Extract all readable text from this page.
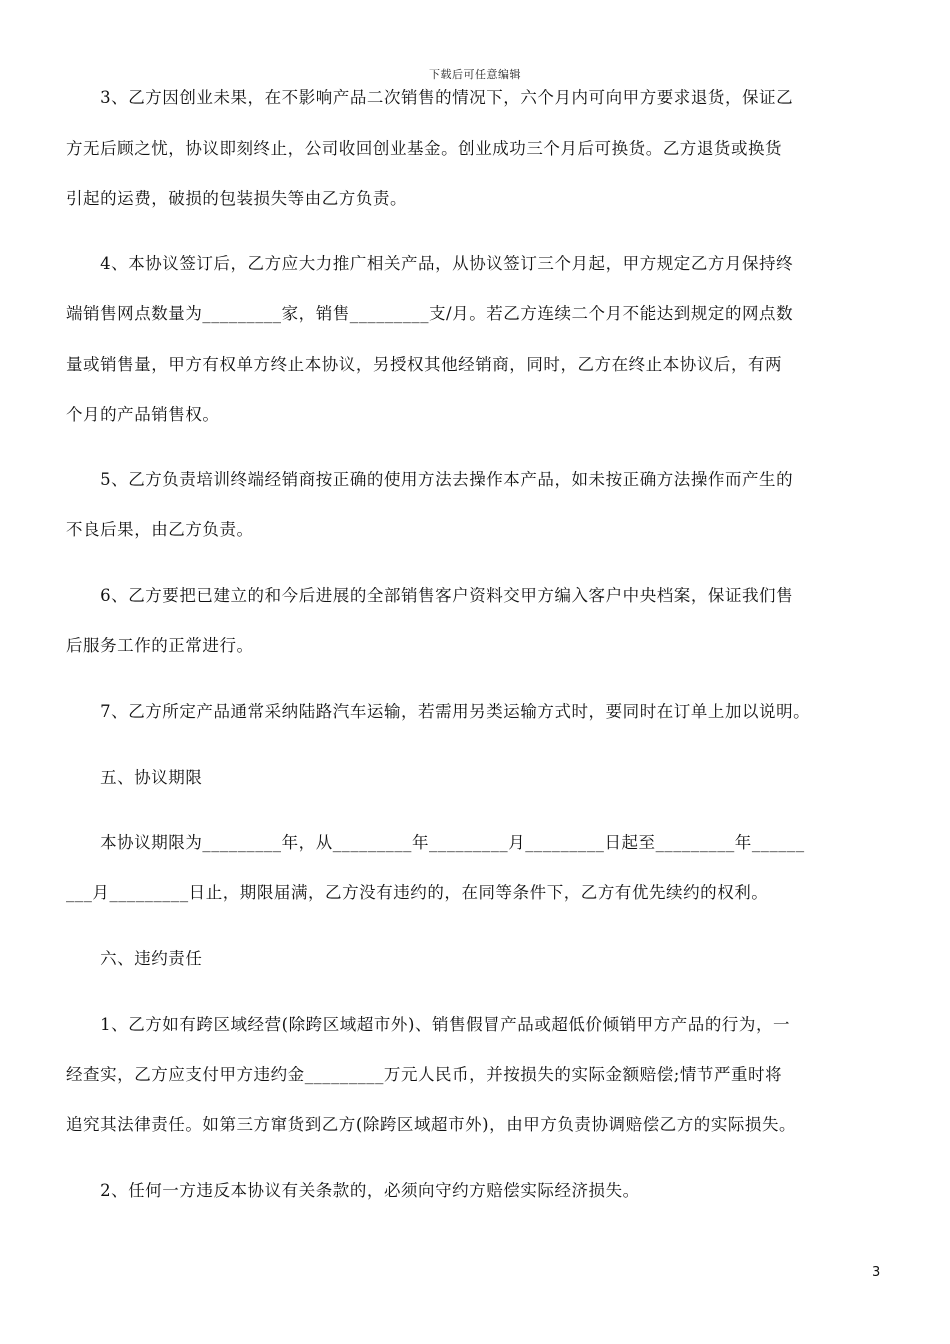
下载后可任意编辑
　　3、乙方因创业未果，在不影响产品二次销售的情况下，六个月内可向甲方要求退货，保证乙
方无后顾之忧，协议即刻终止，公司收回创业基金。创业成功三个月后可换货。乙方退货或换货
引起的运费，破损的包装损失等由乙方负责。
　　4、本协议签订后，乙方应大力推广相关产品，从协议签订三个月起，甲方规定乙方月保持终
端销售网点数量为_________家，销售_________支/月。若乙方连续二个月不能达到规定的网点数
量或销售量，甲方有权单方终止本协议，另授权其他经销商，同时，乙方在终止本协议后，有两
个月的产品销售权。
　　5、乙方负责培训终端经销商按正确的使用方法去操作本产品，如未按正确方法操作而产生的
不良后果，由乙方负责。
　　6、乙方要把已建立的和今后进展的全部销售客户资料交甲方编入客户中央档案，保证我们售
后服务工作的正常进行。
　　7、乙方所定产品通常采纳陆路汽车运输，若需用另类运输方式时，要同时在订单上加以说明。
　　五、协议期限
　　本协议期限为_________年，从_________年_________月_________日起至_________年______
___月_________日止，期限届满，乙方没有违约的，在同等条件下，乙方有优先续约的权利。
　　六、违约责任
　　1、乙方如有跨区域经营(除跨区域超市外)、销售假冒产品或超低价倾销甲方产品的行为，一
经查实，乙方应支付甲方违约金_________万元人民币，并按损失的实际金额赔偿;情节严重时将
追究其法律责任。如第三方窜货到乙方(除跨区域超市外)，由甲方负责协调赔偿乙方的实际损失。
　　2、任何一方违反本协议有关条款的，必须向守约方赔偿实际经济损失。
3
